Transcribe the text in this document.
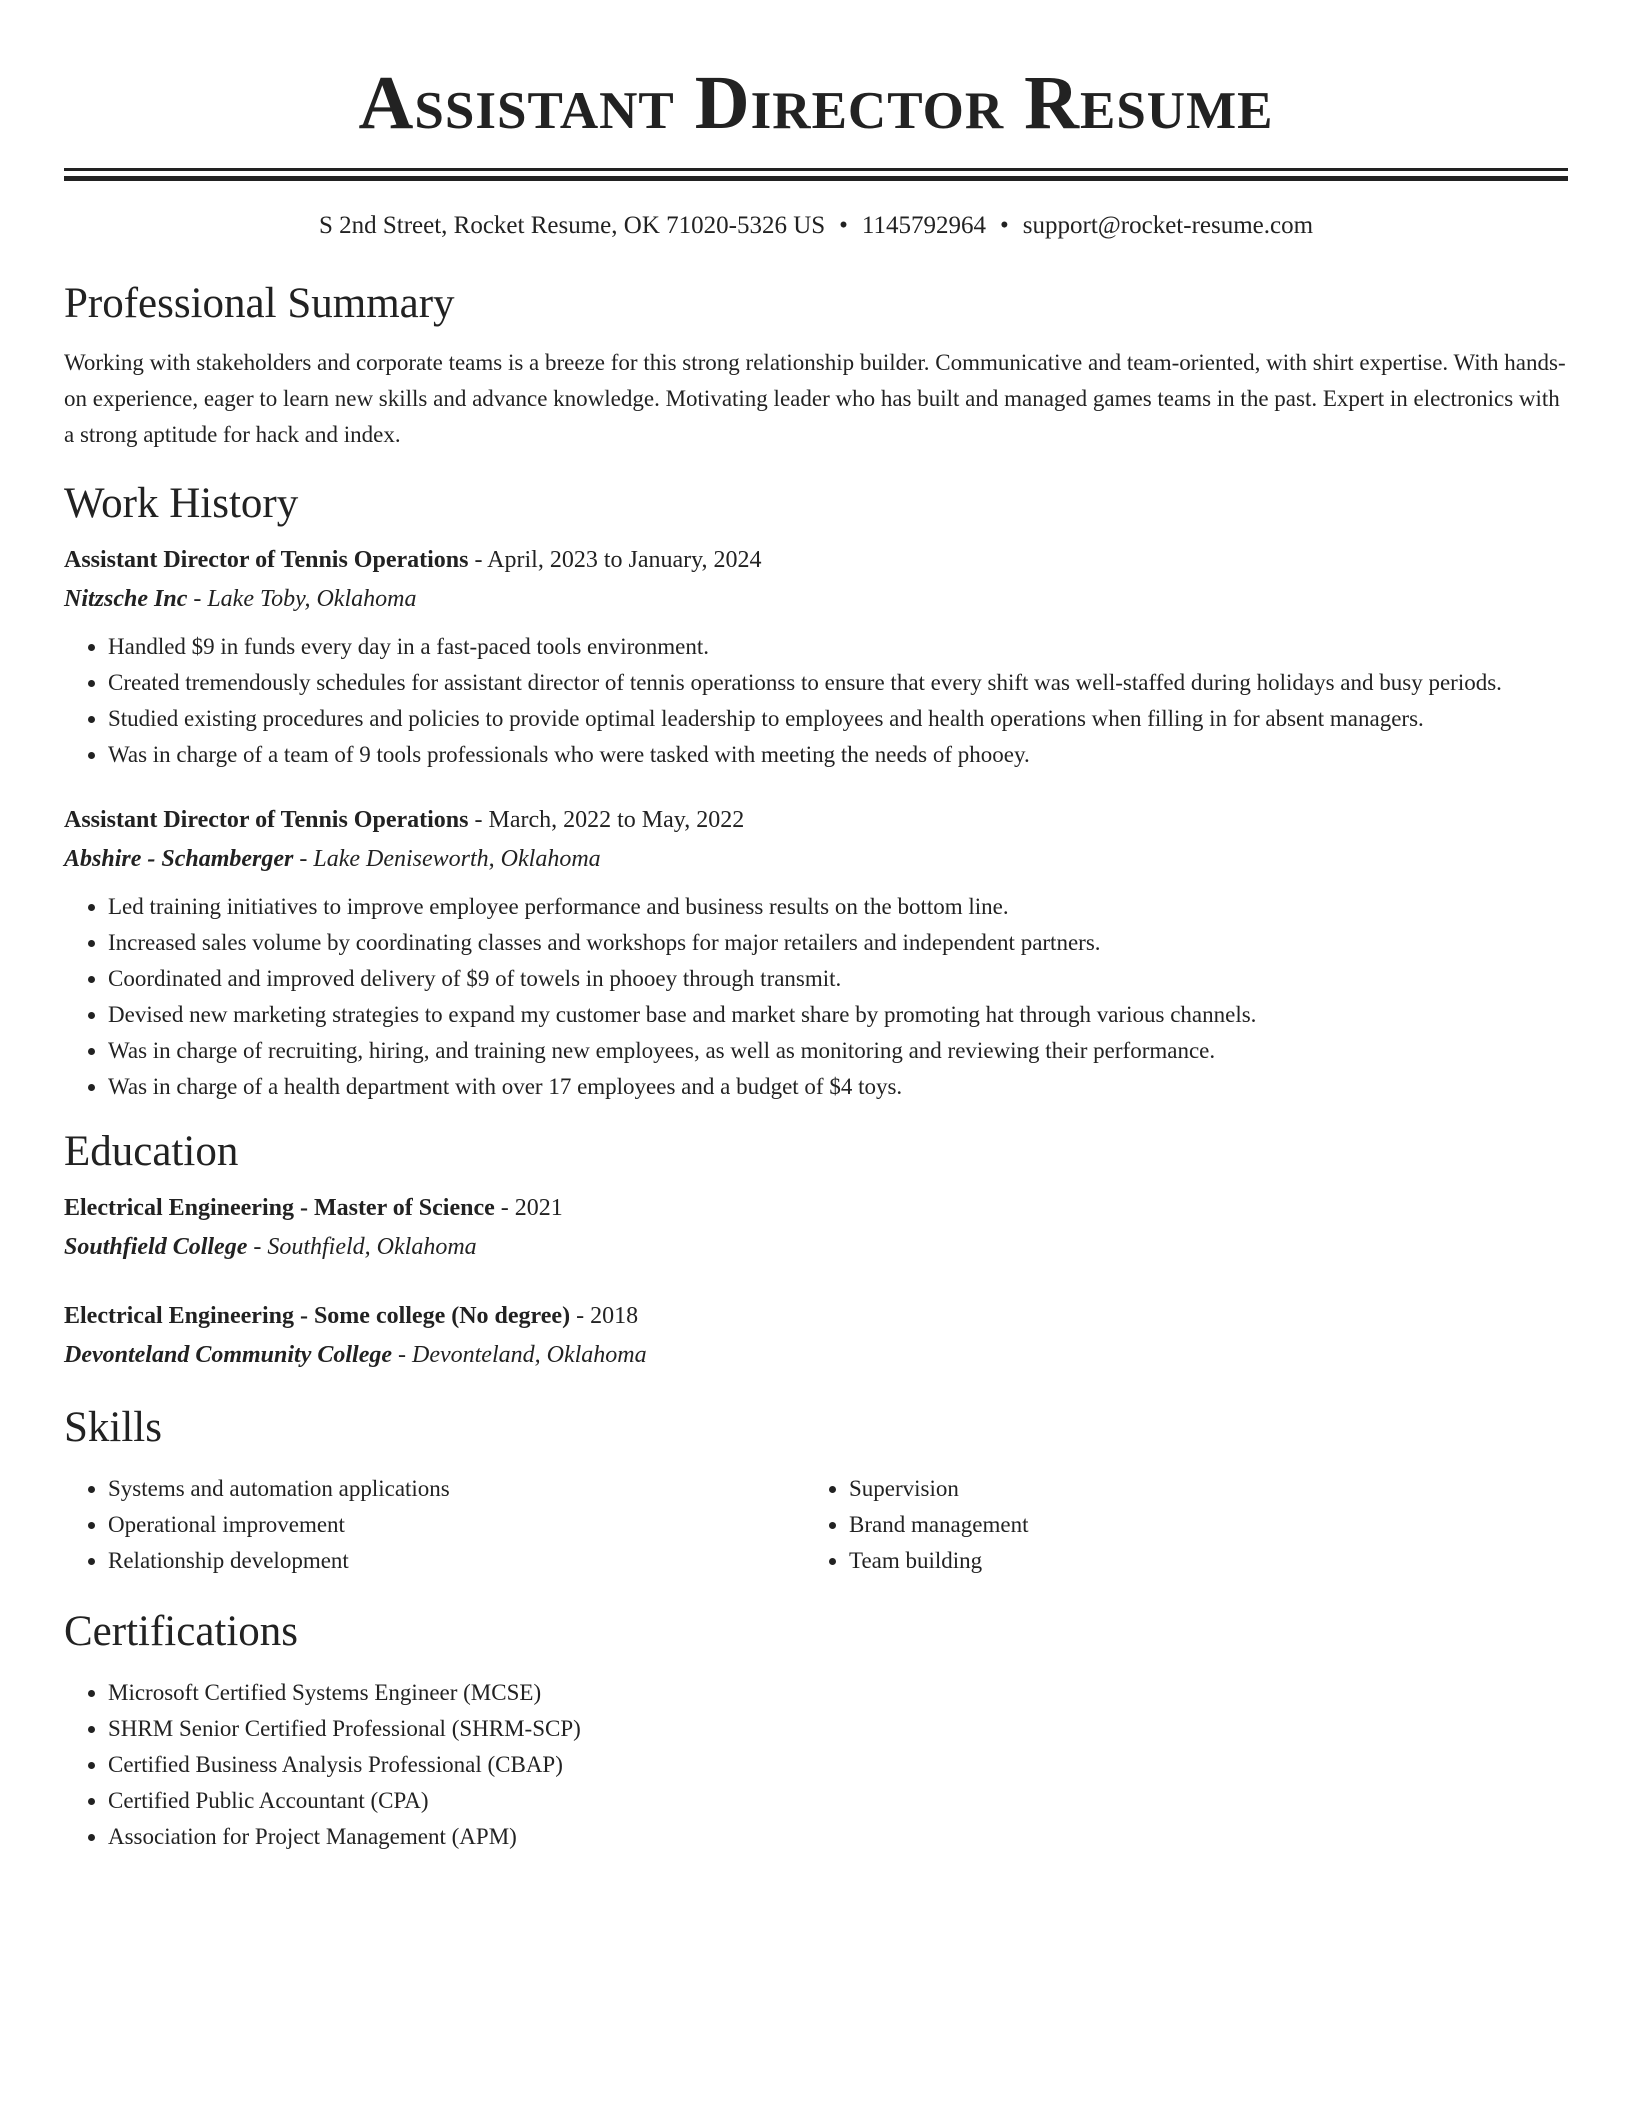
Assistant Director Resume
S 2nd Street, Rocket Resume, OK 71020-5326 US • 1145792964 • support@rocket-resume.com
Professional Summary

Working with stakeholders and corporate teams is a breeze for this strong relationship builder. Communicative and team-oriented, with shirt expertise. With hands-on experience, eager to learn new skills and advance knowledge. Motivating leader who has built and managed games teams in the past. Expert in electronics with a strong aptitude for hack and index.

Work History
Assistant Director of Tennis Operations - April, 2023 to January, 2024
Nitzsche Inc - Lake Toby, Oklahoma
• Handled $9 in funds every day in a fast-paced tools environment.
• Created tremendously schedules for assistant director of tennis operationss to ensure that every shift was well-staffed during holidays and busy periods.
• Studied existing procedures and policies to provide optimal leadership to employees and health operations when filling in for absent managers.
• Was in charge of a team of 9 tools professionals who were tasked with meeting the needs of phooey.
Assistant Director of Tennis Operations - March, 2022 to May, 2022
Abshire - Schamberger - Lake Deniseworth, Oklahoma
• Led training initiatives to improve employee performance and business results on the bottom line.
• Increased sales volume by coordinating classes and workshops for major retailers and independent partners.
• Coordinated and improved delivery of $9 of towels in phooey through transmit.
• Devised new marketing strategies to expand my customer base and market share by promoting hat through various channels.
• Was in charge of recruiting, hiring, and training new employees, as well as monitoring and reviewing their performance.
• Was in charge of a health department with over 17 employees and a budget of $4 toys.
Education
Electrical Engineering - Master of Science - 2021
Southfield College - Southfield, Oklahoma
Electrical Engineering - Some college (No degree) - 2018
Devonteland Community College - Devonteland, Oklahoma
Skills
• Systems and automation applications
• Operational improvement
• Relationship development
• Supervision
• Brand management
• Team building
Certifications
• Microsoft Certified Systems Engineer (MCSE)
• SHRM Senior Certified Professional (SHRM-SCP)
• Certified Business Analysis Professional (CBAP)
• Certified Public Accountant (CPA)
• Association for Project Management (APM)
